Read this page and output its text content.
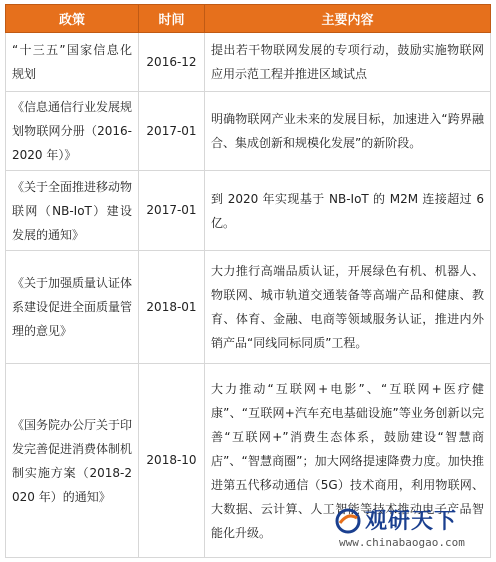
政策	时间	主要内容
“十三五”国家信息化规划	2016-12	提出若干物联网发展的专项行动，鼓励实施物联网应用示范工程并推进区域试点
《信息通信行业发展规划物联网分册（2016-2020 年）》	2017-01	明确物联网产业未来的发展目标，加速进入“跨界融合、集成创新和规模化发展”的新阶段。
《关于全面推进移动物联网（NB-IoT）建设发展的通知》	2017-01	到 2020 年实现基于 NB-IoT 的 M2M 连接超过 6 亿。
《关于加强质量认证体系建设促进全面质量管理的意见》	2018-01	大力推行高端品质认证，开展绿色有机、机器人、物联网、城市轨道交通装备等高端产品和健康、教育、体育、金融、电商等领域服务认证，推进内外销产品“同线同标同质”工程。
《国务院办公厅关于印发完善促进消费体制机制实施方案（2018-2020 年）的通知》	2018-10	大力推动“互联网+电影”、“互联网+医疗健康”、“互联网+汽车充电基础设施”等业务创新以完善“互联网+”消费生态体系，鼓励建设“智慧商店”、“智慧商圈”；加大网络提速降费力度。加快推进第五代移动通信（5G）技术商用，利用物联网、大数据、云计算、人工智能等技术推动电子产品智能化升级。	观研天下
www.chinabaogao.com
